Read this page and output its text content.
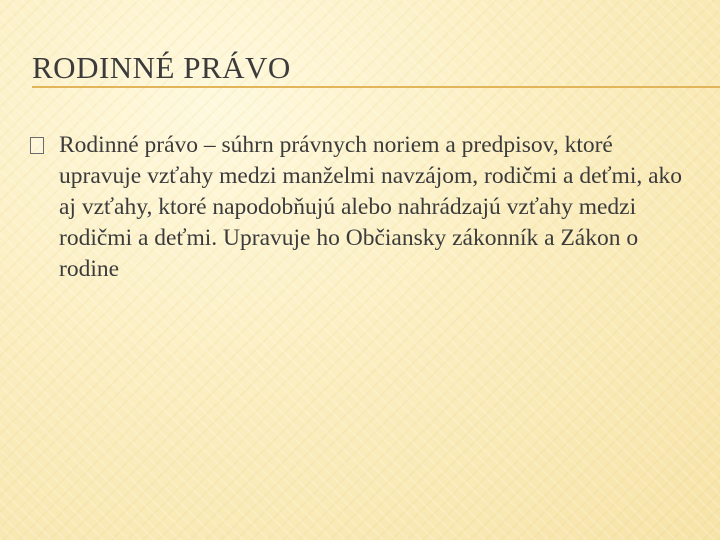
RODINNÉ PRÁVO
Rodinné právo – súhrn právnych noriem a predpisov, ktoré upravuje vzťahy medzi manželmi navzájom, rodičmi a deťmi, ako aj vzťahy, ktoré napodobňujú alebo nahrádzajú vzťahy medzi rodičmi a deťmi. Upravuje ho Občiansky zákonník a Zákon o rodine
